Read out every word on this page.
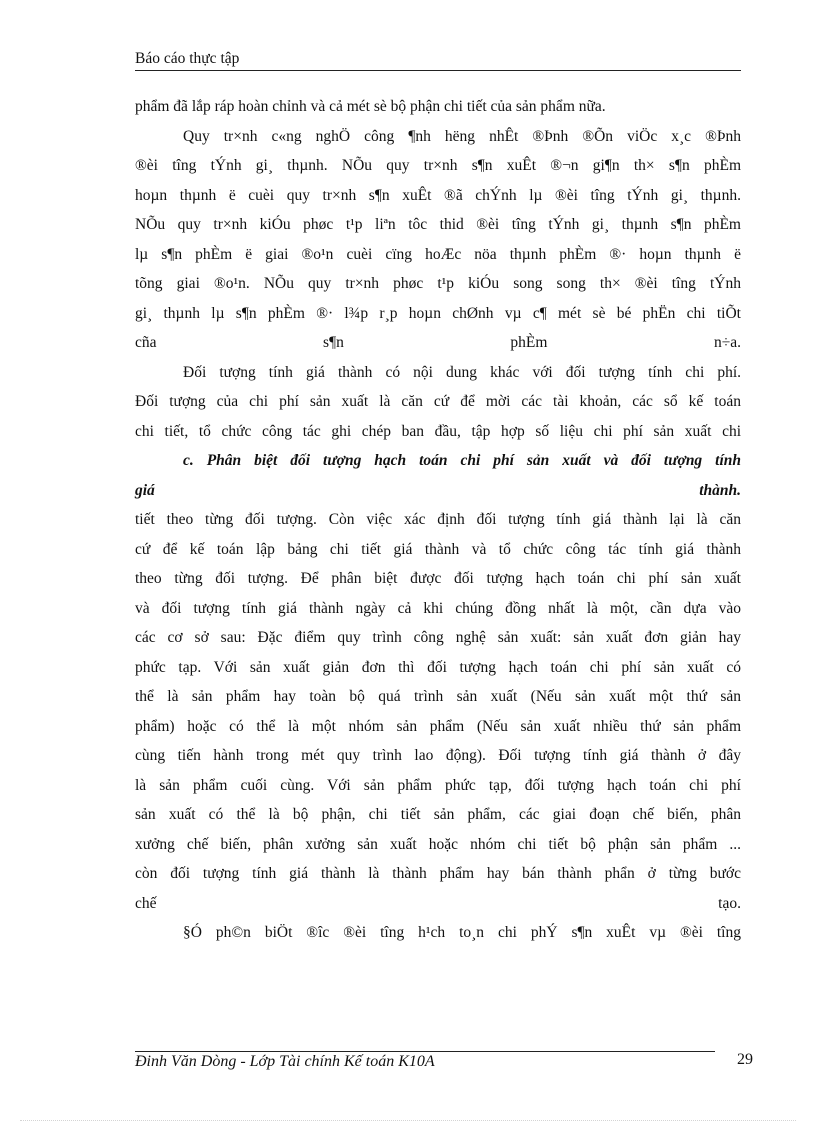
Báo cáo thực tập
phẩm đã lắp ráp hoàn chỉnh và cả mét sè bộ phận chi tiết của sản phẩm nữa.
Quy tr×nh c«ng nghÖ công ¶nh hëng nhÊt ®Þnh ®Õn viÖc x¸c ®Þnh
®èi tîng tÝnh gi¸ thµnh. NÕu quy tr×nh s¶n xuÊt ®¬n gi¶n th× s¶n phÈm
hoµn thµnh ë cuèi quy tr×nh s¶n xuÊt ®ã chÝnh lµ ®èi tîng tÝnh gi¸ thµnh.
NÕu quy tr×nh kiÓu phøc t¹p liªn tôc thid ®èi tîng tÝnh gi¸ thµnh s¶n phÈm
lµ s¶n phÈm ë giai ®o¹n cuèi cïng hoÆc nöa thµnh phÈm ®· hoµn thµnh ë
tõng giai ®o¹n. NÕu quy tr×nh phøc t¹p kiÓu song song th× ®èi tîng tÝnh
gi¸ thµnh lµ s¶n phÈm ®· l¾p r¸p hoµn chØnh vµ c¶ mét sè bé phËn chi tiÕt
cña s¶n phÈm n÷a.
Đối tượng tính giá thành có nội dung khác với đối tượng tính chi phí.
Đối tượng của chi phí sản xuất là căn cứ để mời các tài khoản, các sổ kế toán
chi tiết, tổ chức công tác ghi chép ban đầu, tập hợp số liệu chi phí sản xuất chi
c. Phân biệt đối tượng hạch toán chi phí sản xuất và đối tượng tính
giá thành.
tiết theo từng đối tượng. Còn việc xác định đối tượng tính giá thành lại là căn
cứ để kế toán lập bảng chi tiết giá thành và tổ chức công tác tính giá thành
theo từng đối tượng. Để phân biệt được đối tượng hạch toán chi phí sản xuất
và đối tượng tính giá thành ngày cả khi chúng đồng nhất là một, cần dựa vào
các cơ sở sau: Đặc điểm quy trình công nghệ sản xuất: sản xuất đơn giản hay
phức tạp. Với sản xuất giản đơn thì đối tượng hạch toán chi phí sản xuất có
thể là sản phẩm hay toàn bộ quá trình sản xuất (Nếu sản xuất một thứ sản
phẩm) hoặc có thể là một nhóm sản phẩm (Nếu sản xuất nhiều thứ sản phẩm
cùng tiến hành trong mét quy trình lao động). Đối tượng tính giá thành ở đây
là sản phẩm cuối cùng. Với sản phẩm phức tạp, đối tượng hạch toán chi phí
sản xuất có thể là bộ phận, chi tiết sản phẩm, các giai đoạn chế biến, phân
xưởng chế biến, phân xưởng sản xuất hoặc nhóm chi tiết bộ phận sản phẩm ...
còn đối tượng tính giá thành là thành phẩm hay bán thành phẩn ở từng bước
chế tạo.
§Ó ph©n biÖt ®îc ®èi tîng h¹ch to¸n chi phÝ s¶n xuÊt vµ ®èi tîng
Đinh Văn Dòng - Lớp Tài chính Kế toán K10A	29
